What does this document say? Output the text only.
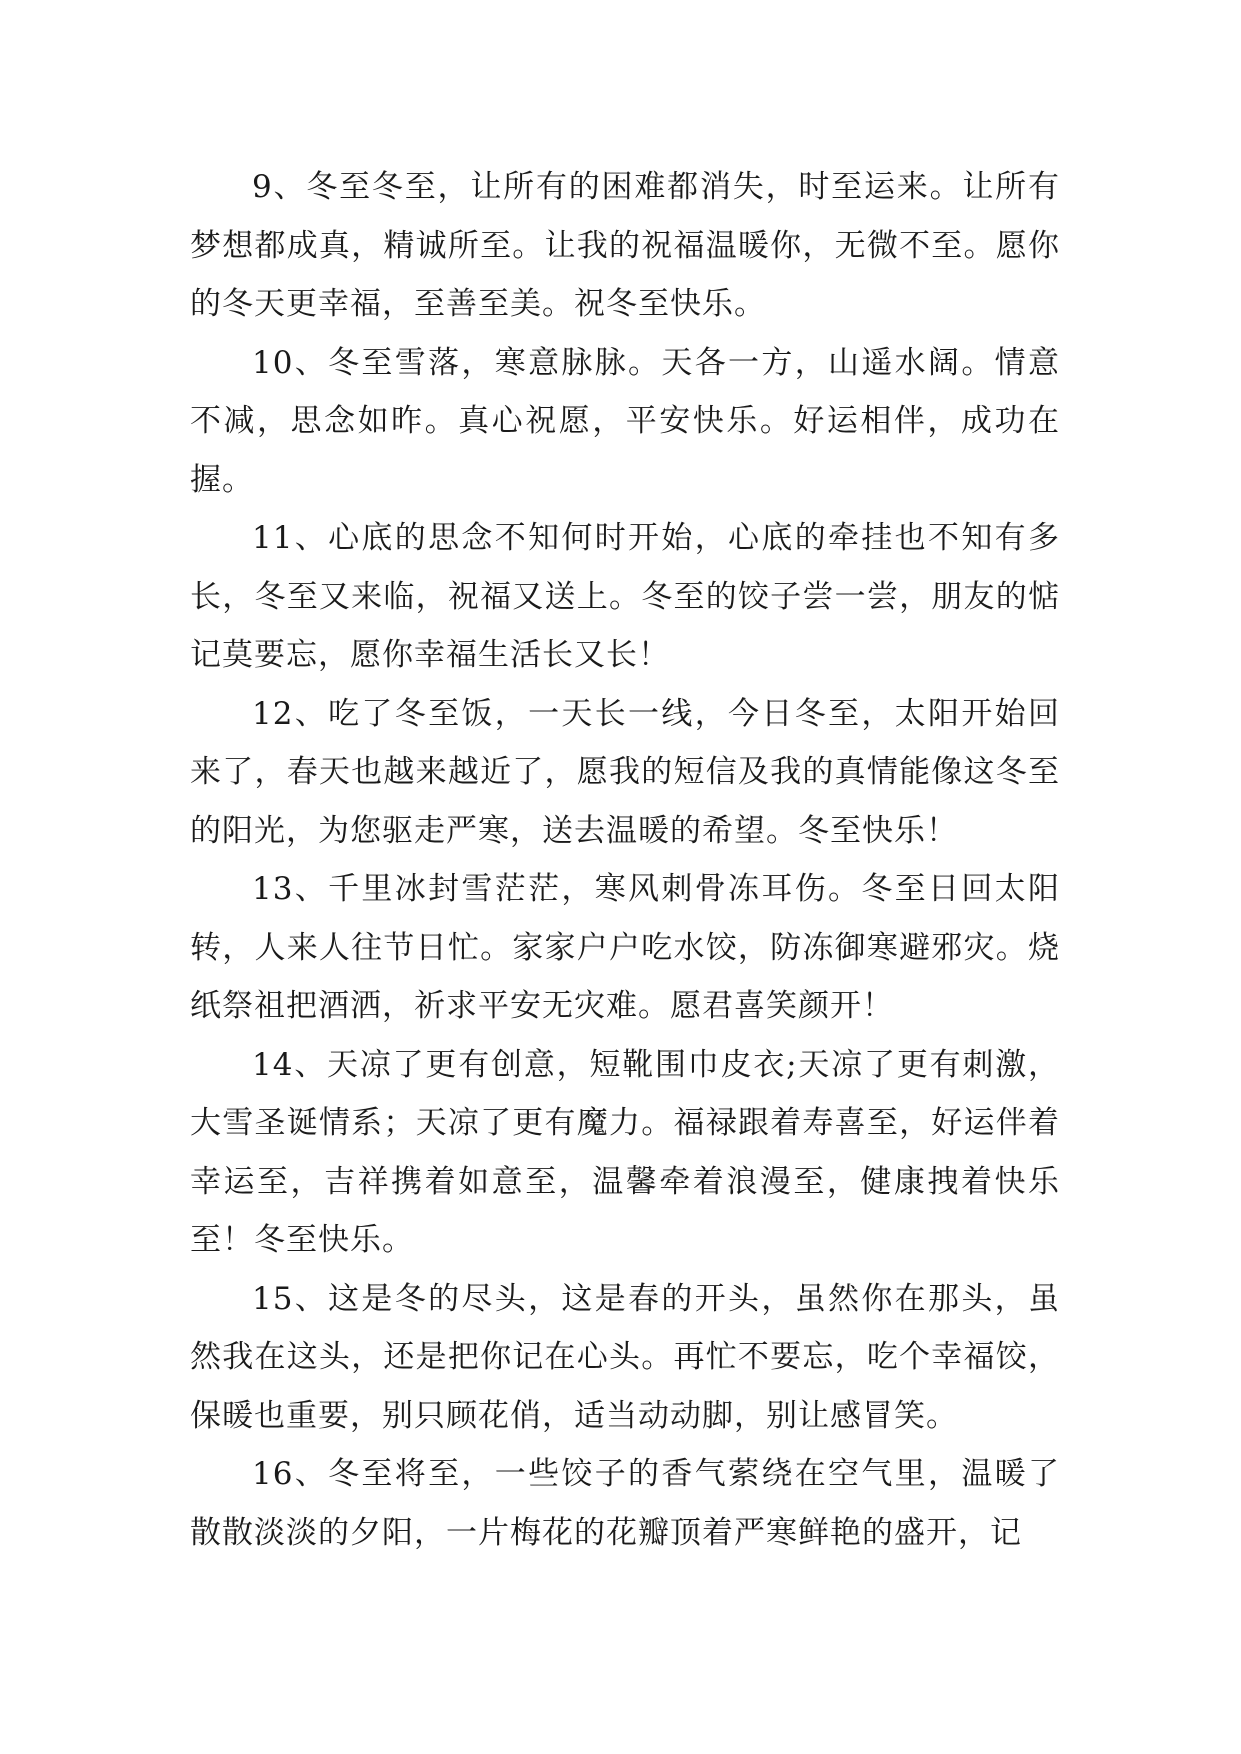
9、冬至冬至，让所有的困难都消失，时至运来。让所有梦想都成真，精诚所至。让我的祝福温暖你，无微不至。愿你的冬天更幸福，至善至美。祝冬至快乐。

10、冬至雪落，寒意脉脉。天各一方，山遥水阔。情意不减，思念如昨。真心祝愿，平安快乐。好运相伴，成功在握。

11、心底的思念不知何时开始，心底的牵挂也不知有多长，冬至又来临，祝福又送上。冬至的饺子尝一尝，朋友的惦记莫要忘，愿你幸福生活长又长！

12、吃了冬至饭，一天长一线，今日冬至，太阳开始回来了，春天也越来越近了，愿我的短信及我的真情能像这冬至的阳光，为您驱走严寒，送去温暖的希望。冬至快乐！

13、千里冰封雪茫茫，寒风刺骨冻耳伤。冬至日回太阳转，人来人往节日忙。家家户户吃水饺，防冻御寒避邪灾。烧纸祭祖把酒洒，祈求平安无灾难。愿君喜笑颜开！

14、天凉了更有创意，短靴围巾皮衣;天凉了更有刺激，大雪圣诞情系；天凉了更有魔力。福禄跟着寿喜至，好运伴着幸运至，吉祥携着如意至，温馨牵着浪漫至，健康拽着快乐至！冬至快乐。

15、这是冬的尽头，这是春的开头，虽然你在那头，虽然我在这头，还是把你记在心头。再忙不要忘，吃个幸福饺，保暖也重要，别只顾花俏，适当动动脚，别让感冒笑。

16、冬至将至，一些饺子的香气萦绕在空气里，温暖了散散淡淡的夕阳，一片梅花的花瓣顶着严寒鲜艳的盛开，记
